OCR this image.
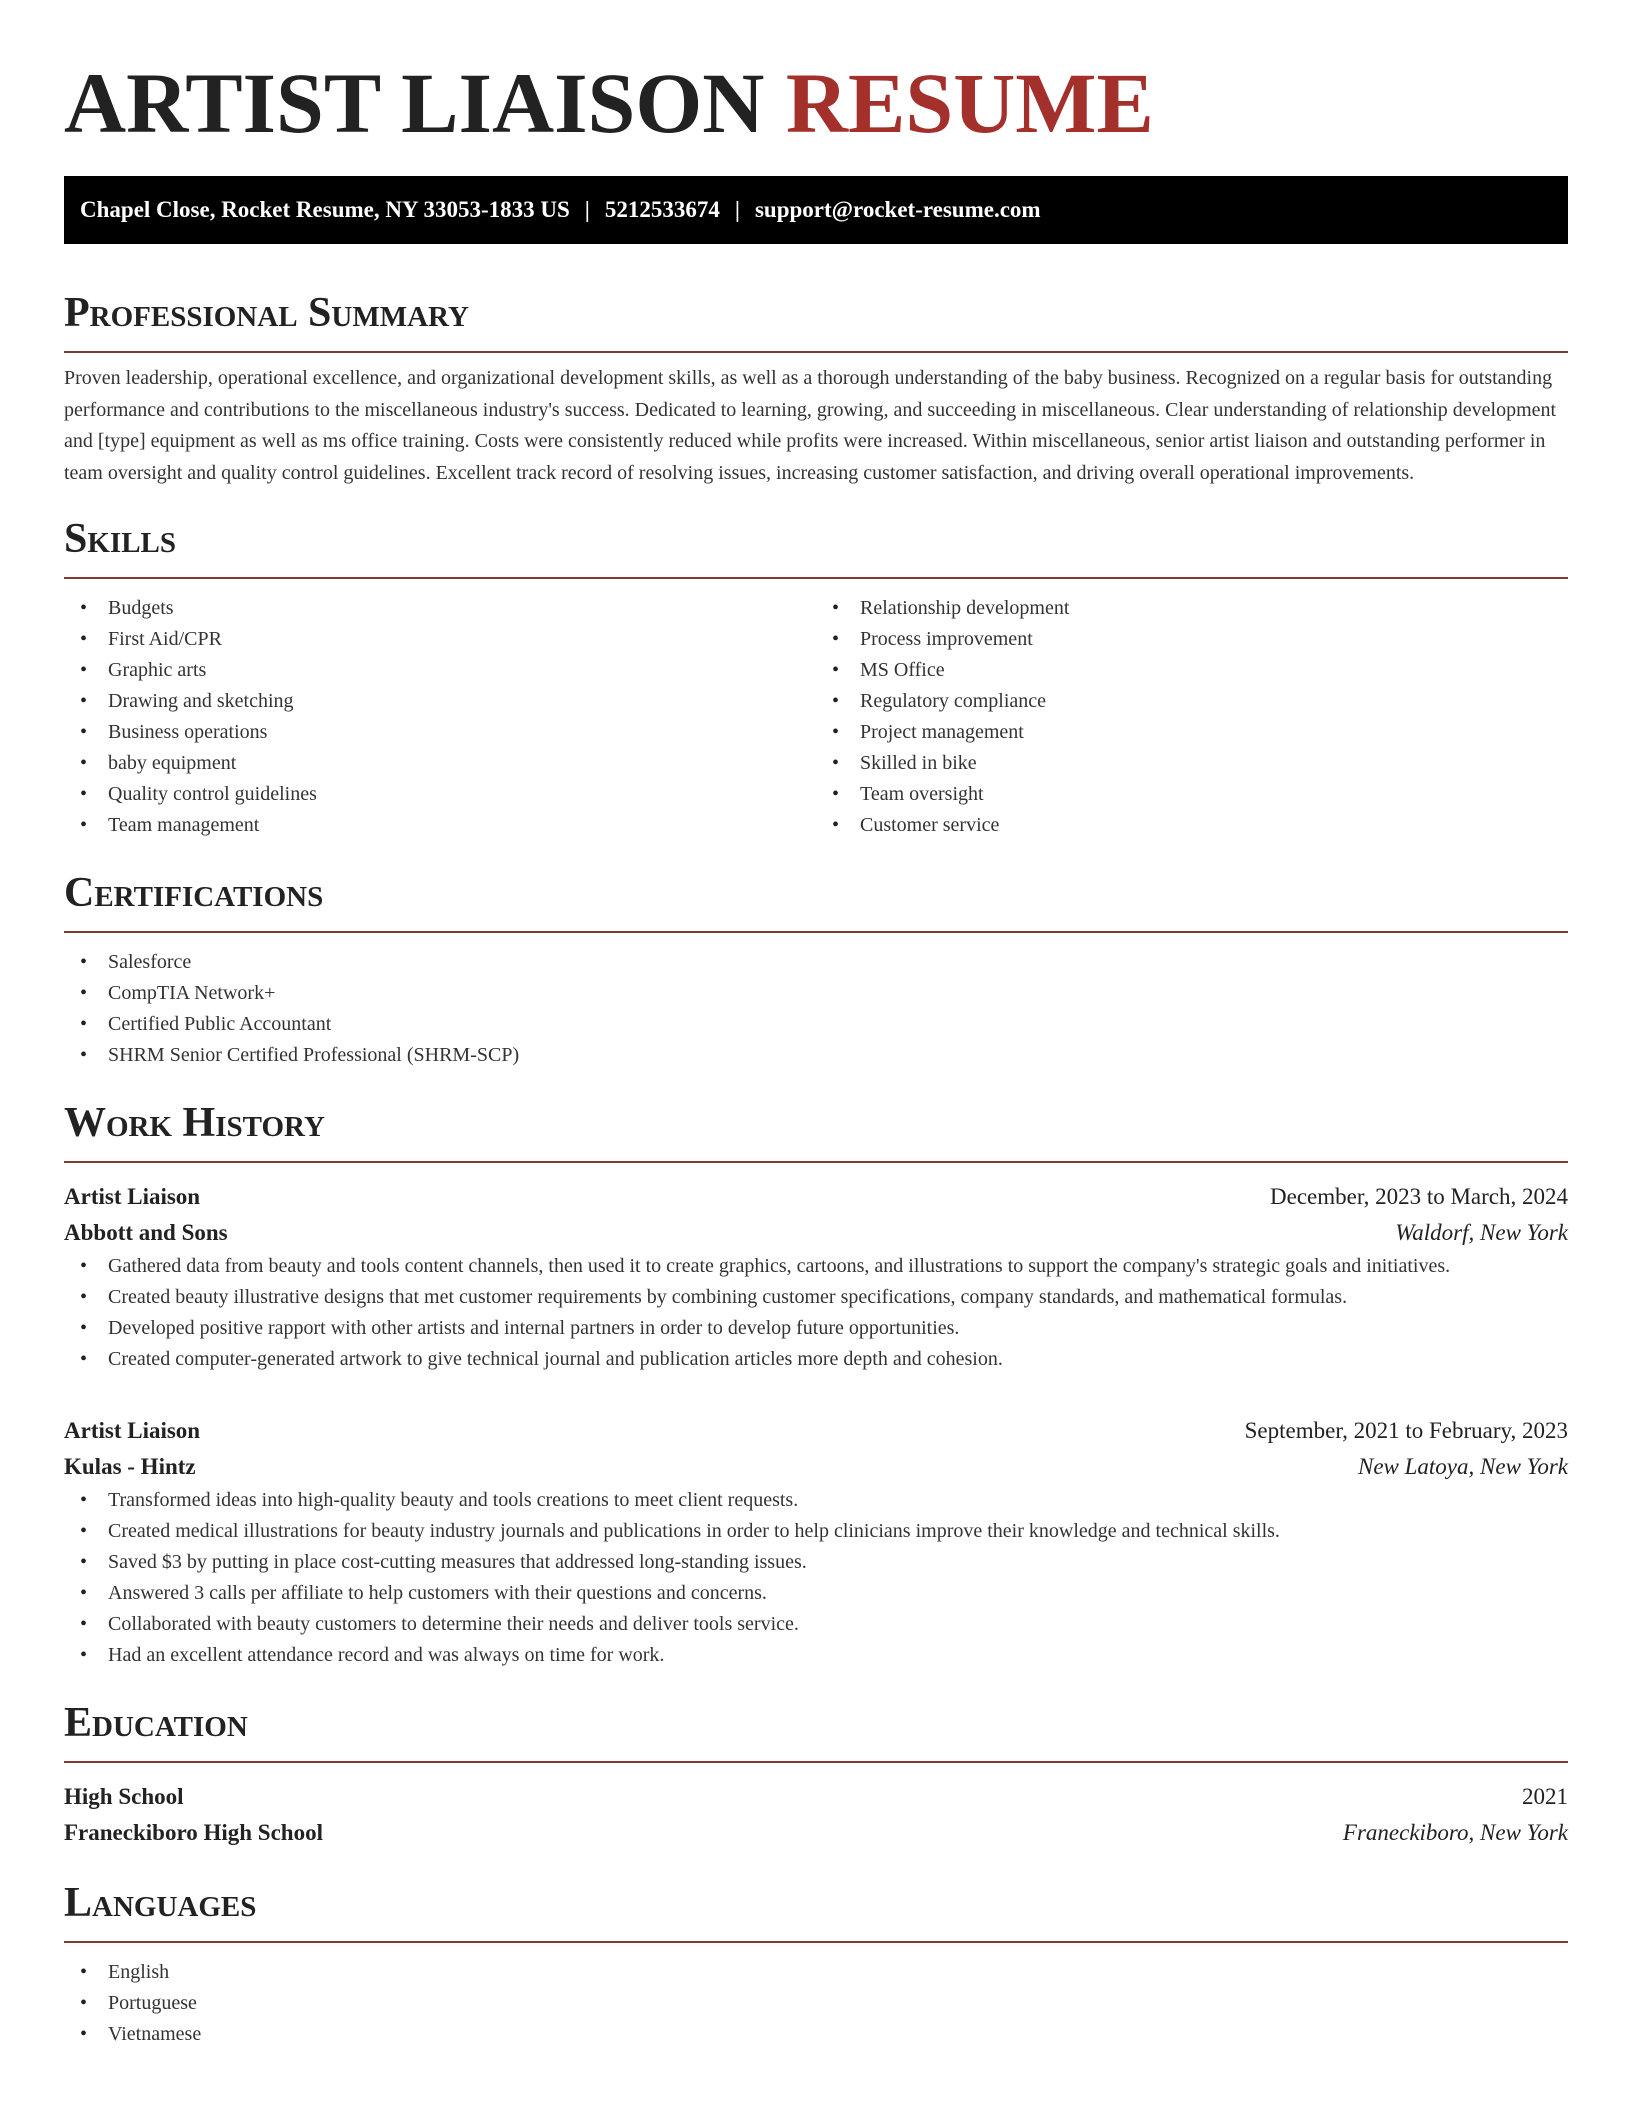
ARTIST LIAISON RESUME
Chapel Close, Rocket Resume, NY 33053-1833 US | 5212533674 | support@rocket-resume.com
Professional Summary

Proven leadership, operational excellence, and organizational development skills, as well as a thorough understanding of the baby business. Recognized on a regular basis for outstanding performance and contributions to the miscellaneous industry's success. Dedicated to learning, growing, and succeeding in miscellaneous. Clear understanding of relationship development and [type] equipment as well as ms office training. Costs were consistently reduced while profits were increased. Within miscellaneous, senior artist liaison and outstanding performer in team oversight and quality control guidelines. Excellent track record of resolving issues, increasing customer satisfaction, and driving overall operational improvements.

Skills
• Budgets
• First Aid/CPR
• Graphic arts
• Drawing and sketching
• Business operations
• baby equipment
• Quality control guidelines
• Team management
• Relationship development
• Process improvement
• MS Office
• Regulatory compliance
• Project management
• Skilled in bike
• Team oversight
• Customer service
Certifications
• Salesforce
• CompTIA Network+
• Certified Public Accountant
• SHRM Senior Certified Professional (SHRM-SCP)
Work History
Artist Liaison	December, 2023 to March, 2024
Abbott and Sons	Waldorf, New York
• Gathered data from beauty and tools content channels, then used it to create graphics, cartoons, and illustrations to support the company's strategic goals and initiatives.
• Created beauty illustrative designs that met customer requirements by combining customer specifications, company standards, and mathematical formulas.
• Developed positive rapport with other artists and internal partners in order to develop future opportunities.
• Created computer-generated artwork to give technical journal and publication articles more depth and cohesion.
Artist Liaison	September, 2021 to February, 2023
Kulas - Hintz	New Latoya, New York
• Transformed ideas into high-quality beauty and tools creations to meet client requests.
• Created medical illustrations for beauty industry journals and publications in order to help clinicians improve their knowledge and technical skills.
• Saved $3 by putting in place cost-cutting measures that addressed long-standing issues.
• Answered 3 calls per affiliate to help customers with their questions and concerns.
• Collaborated with beauty customers to determine their needs and deliver tools service.
• Had an excellent attendance record and was always on time for work.
Education
High School	2021
Franeckiboro High School	Franeckiboro, New York
Languages
• English
• Portuguese
• Vietnamese
